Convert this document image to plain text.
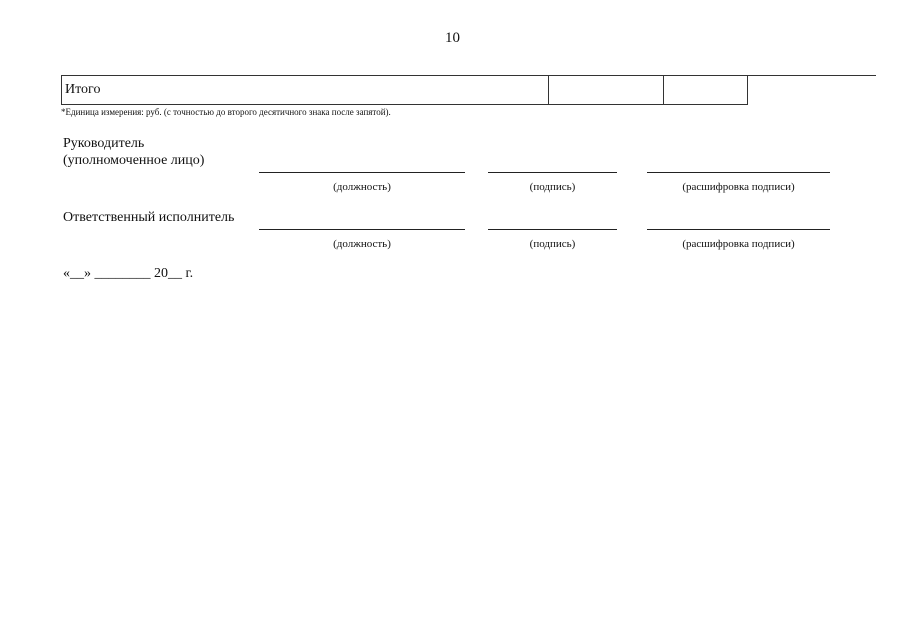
10
Итого			
*Единица измерения: руб. (с точностью до второго десятичного знака после запятой).
Руководитель
(уполномоченное лицо)
(должность)	(подпись)	(расшифровка подписи)
Ответственный исполнитель
(должность)	(подпись)	(расшифровка подписи)
«__» ________ 20__ г.
